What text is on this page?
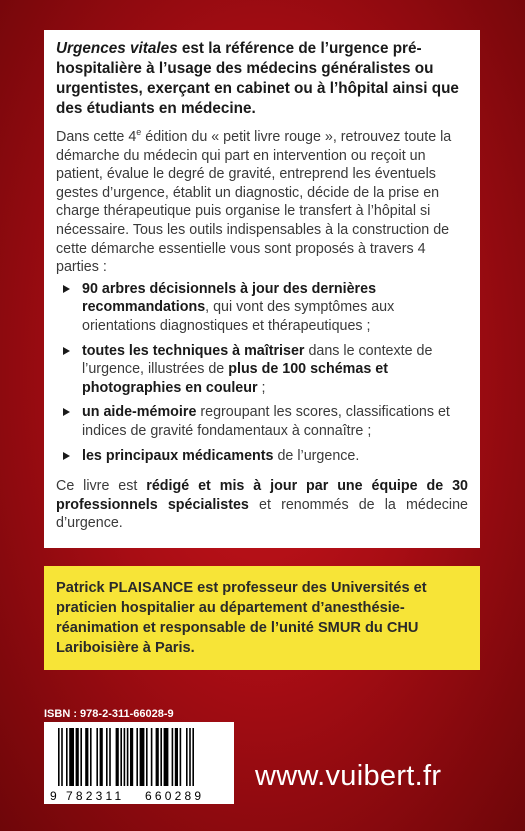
Urgences vitales est la référence de l’urgence pré-hospitalière à l’usage des médecins généralistes ou urgentistes, exerçant en cabinet ou à l’hôpital ainsi que des étudiants en médecine.

Dans cette 4e édition du « petit livre rouge », retrouvez toute la démarche du médecin qui part en intervention ou reçoit un patient, évalue le degré de gravité, entreprend les éventuels gestes d’urgence, établit un diagnostic, décide de la prise en charge thérapeutique puis organise le transfert à l’hôpital si nécessaire. Tous les outils indispensables à la construction de cette démarche essentielle vous sont proposés à travers 4 parties :

90 arbres décisionnels à jour des dernières recommandations, qui vont des symptômes aux orientations diagnostiques et thérapeutiques ;
toutes les techniques à maîtriser dans le contexte de l’urgence, illustrées de plus de 100 schémas et photographies en couleur ;
un aide-mémoire regroupant les scores, classifications et indices de gravité fondamentaux à connaître ;
les principaux médicaments de l’urgence.

Ce livre est rédigé et mis à jour par une équipe de 30 professionnels spécialistes et renommés de la médecine d’urgence.

Patrick PLAISANCE est professeur des Universités et praticien hospitalier au département d’anesthésie-réanimation et responsable de l’unité SMUR du CHU Lariboisière à Paris.
ISBN : 978-2-311-66028-9
9 782311 660289
www.vuibert.fr
